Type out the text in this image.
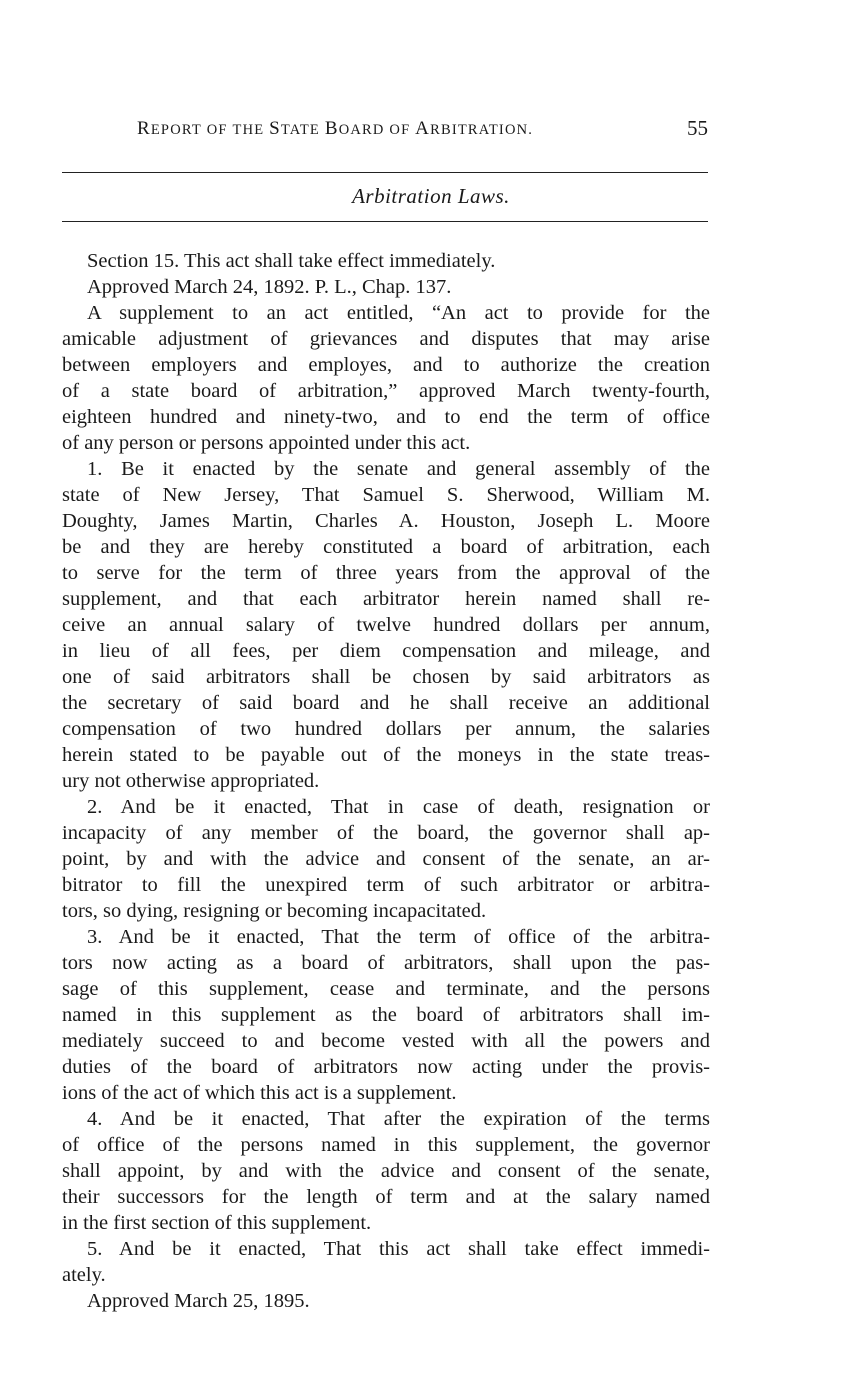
REPORT OF THE STATE BOARD OF ARBITRATION.	55
Arbitration Laws.
Section 15. This act shall take effect immediately.
Approved March 24, 1892. P. L., Chap. 137.
A supplement to an act entitled, “An act to provide for the
amicable adjustment of grievances and disputes that may arise
between employers and employes, and to authorize the creation
of a state board of arbitration,” approved March twenty-fourth,
eighteen hundred and ninety-two, and to end the term of office
of any person or persons appointed under this act.
1. Be it enacted by the senate and general assembly of the
state of New Jersey, That Samuel S. Sherwood, William M.
Doughty, James Martin, Charles A. Houston, Joseph L. Moore
be and they are hereby constituted a board of arbitration, each
to serve for the term of three years from the approval of the
supplement, and that each arbitrator herein named shall re-
ceive an annual salary of twelve hundred dollars per annum,
in lieu of all fees, per diem compensation and mileage, and
one of said arbitrators shall be chosen by said arbitrators as
the secretary of said board and he shall receive an additional
compensation of two hundred dollars per annum, the salaries
herein stated to be payable out of the moneys in the state treas-
ury not otherwise appropriated.
2. And be it enacted, That in case of death, resignation or
incapacity of any member of the board, the governor shall ap-
point, by and with the advice and consent of the senate, an ar-
bitrator to fill the unexpired term of such arbitrator or arbitra-
tors, so dying, resigning or becoming incapacitated.
3. And be it enacted, That the term of office of the arbitra-
tors now acting as a board of arbitrators, shall upon the pas-
sage of this supplement, cease and terminate, and the persons
named in this supplement as the board of arbitrators shall im-
mediately succeed to and become vested with all the powers and
duties of the board of arbitrators now acting under the provis-
ions of the act of which this act is a supplement.
4. And be it enacted, That after the expiration of the terms
of office of the persons named in this supplement, the governor
shall appoint, by and with the advice and consent of the senate,
their successors for the length of term and at the salary named
in the first section of this supplement.
5. And be it enacted, That this act shall take effect immedi-
ately.
Approved March 25, 1895.
